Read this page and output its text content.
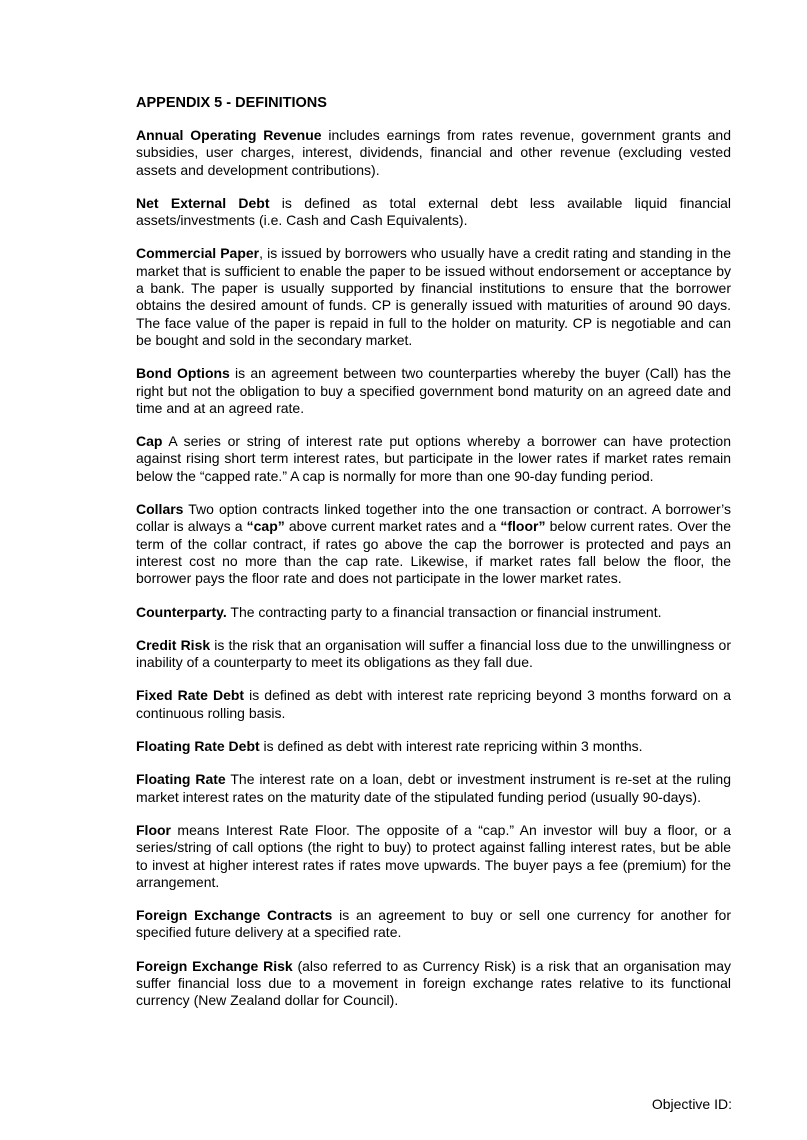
APPENDIX 5 - DEFINITIONS

Annual Operating Revenue includes earnings from rates revenue, government grants and subsidies, user charges, interest, dividends, financial and other revenue (excluding vested assets and development contributions).

Net External Debt is defined as total external debt less available liquid financial assets/investments (i.e. Cash and Cash Equivalents).

Commercial Paper, is issued by borrowers who usually have a credit rating and standing in the market that is sufficient to enable the paper to be issued without endorsement or acceptance by a bank. The paper is usually supported by financial institutions to ensure that the borrower obtains the desired amount of funds. CP is generally issued with maturities of around 90 days. The face value of the paper is repaid in full to the holder on maturity. CP is negotiable and can be bought and sold in the secondary market.

Bond Options is an agreement between two counterparties whereby the buyer (Call) has the right but not the obligation to buy a specified government bond maturity on an agreed date and time and at an agreed rate.

Cap A series or string of interest rate put options whereby a borrower can have protection against rising short term interest rates, but participate in the lower rates if market rates remain below the “capped rate.” A cap is normally for more than one 90-day funding period.

Collars Two option contracts linked together into the one transaction or contract. A borrower’s collar is always a “cap” above current market rates and a “floor” below current rates. Over the term of the collar contract, if rates go above the cap the borrower is protected and pays an interest cost no more than the cap rate. Likewise, if market rates fall below the floor, the borrower pays the floor rate and does not participate in the lower market rates.

Counterparty. The contracting party to a financial transaction or financial instrument.

Credit Risk is the risk that an organisation will suffer a financial loss due to the unwillingness or inability of a counterparty to meet its obligations as they fall due.

Fixed Rate Debt is defined as debt with interest rate repricing beyond 3 months forward on a continuous rolling basis.

Floating Rate Debt is defined as debt with interest rate repricing within 3 months.

Floating Rate The interest rate on a loan, debt or investment instrument is re-set at the ruling market interest rates on the maturity date of the stipulated funding period (usually 90-days).

Floor means Interest Rate Floor. The opposite of a “cap.” An investor will buy a floor, or a series/string of call options (the right to buy) to protect against falling interest rates, but be able to invest at higher interest rates if rates move upwards. The buyer pays a fee (premium) for the arrangement.

Foreign Exchange Contracts is an agreement to buy or sell one currency for another for specified future delivery at a specified rate.

Foreign Exchange Risk (also referred to as Currency Risk) is a risk that an organisation may suffer financial loss due to a movement in foreign exchange rates relative to its functional currency (New Zealand dollar for Council).

Objective ID:
